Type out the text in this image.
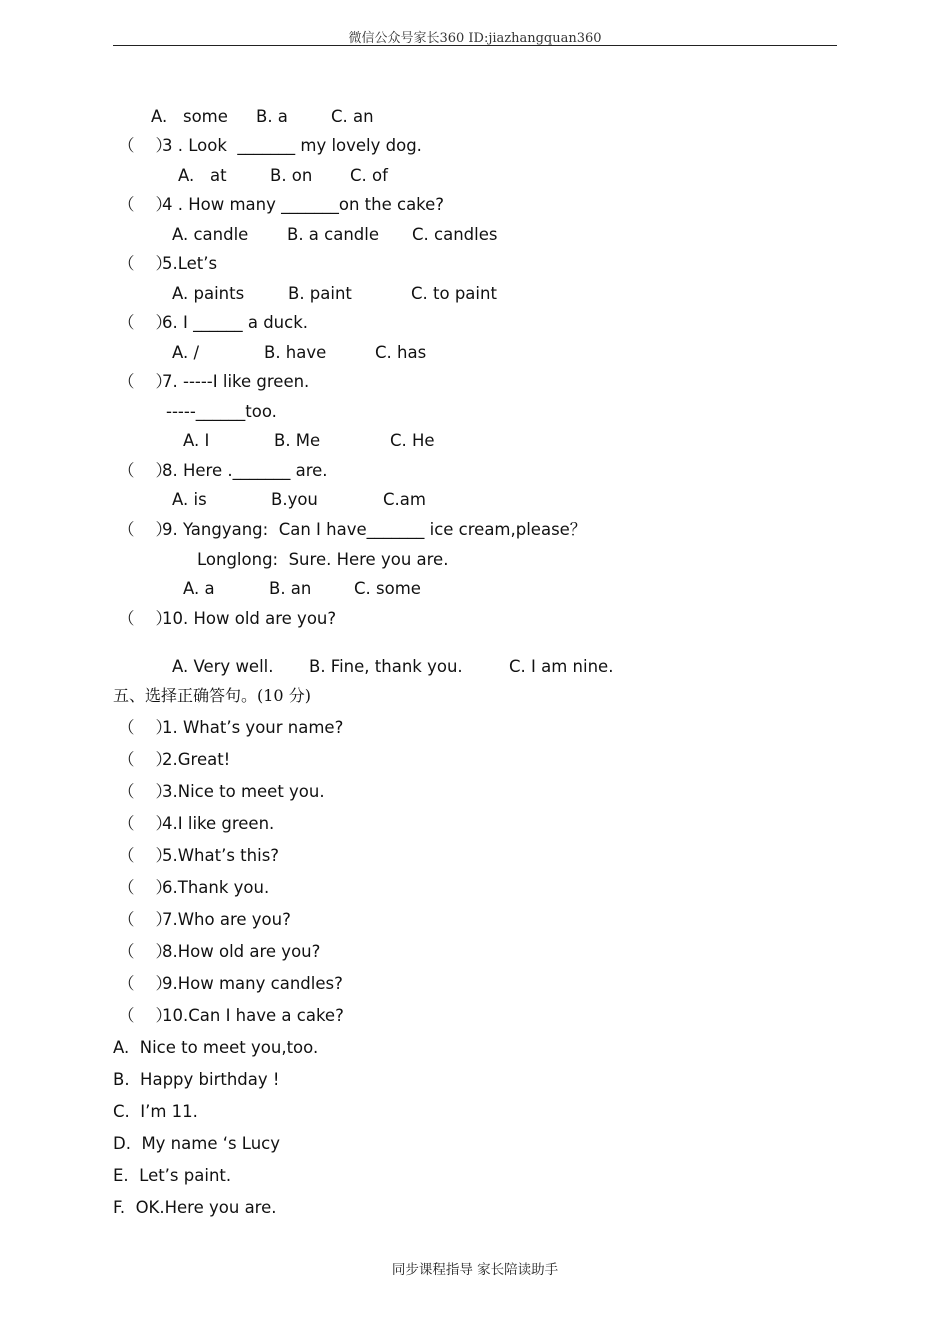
微信公众号家长360 ID:jiazhangquan360
A.   some B. a	C. an
（    ）
3 . Look  _______ my lovely dog.
A.   at	B. on C. of
（    ）
4 . How many _______on the cake?
A. candle B. a candle C. candles
（    ）
5.Let’s
A. paints	B. paint	C. to paint
（    ）
6. I ______ a duck.
A. /	B. have	C. has
（    ）
7. -----I like green.
-----______too.
A. I	B. Me	C. He
（    ）
8. Here ._______ are.
A. is	B.you	C.am
（    ）
9. Yangyang:  Can I have_______ ice cream,please？
Longlong:  Sure. Here you are.
A. a	B. an	C. some
（    ）
10. How old are you?
A. Very well. B. Fine, thank you.	C. I am nine.
五、选择正确答句。(10 分)
（    ）
1. What’s your name?
（    ）
2.Great!
（    ）
3.Nice to meet you.
（    ）
4.I like green.
（    ）
5.What’s this?
（    ）
6.Thank you.
（    ）
7.Who are you?
（    ）
8.How old are you?
（    ）
9.How many candles?
（    ）
10.Can I have a cake?
A.  Nice to meet you,too.
B.  Happy birthday !
C.  I’m 11.
D.  My name ‘s Lucy
E.  Let’s paint.
F.  OK.Here you are.
同步课程指导 家长陪读助手
